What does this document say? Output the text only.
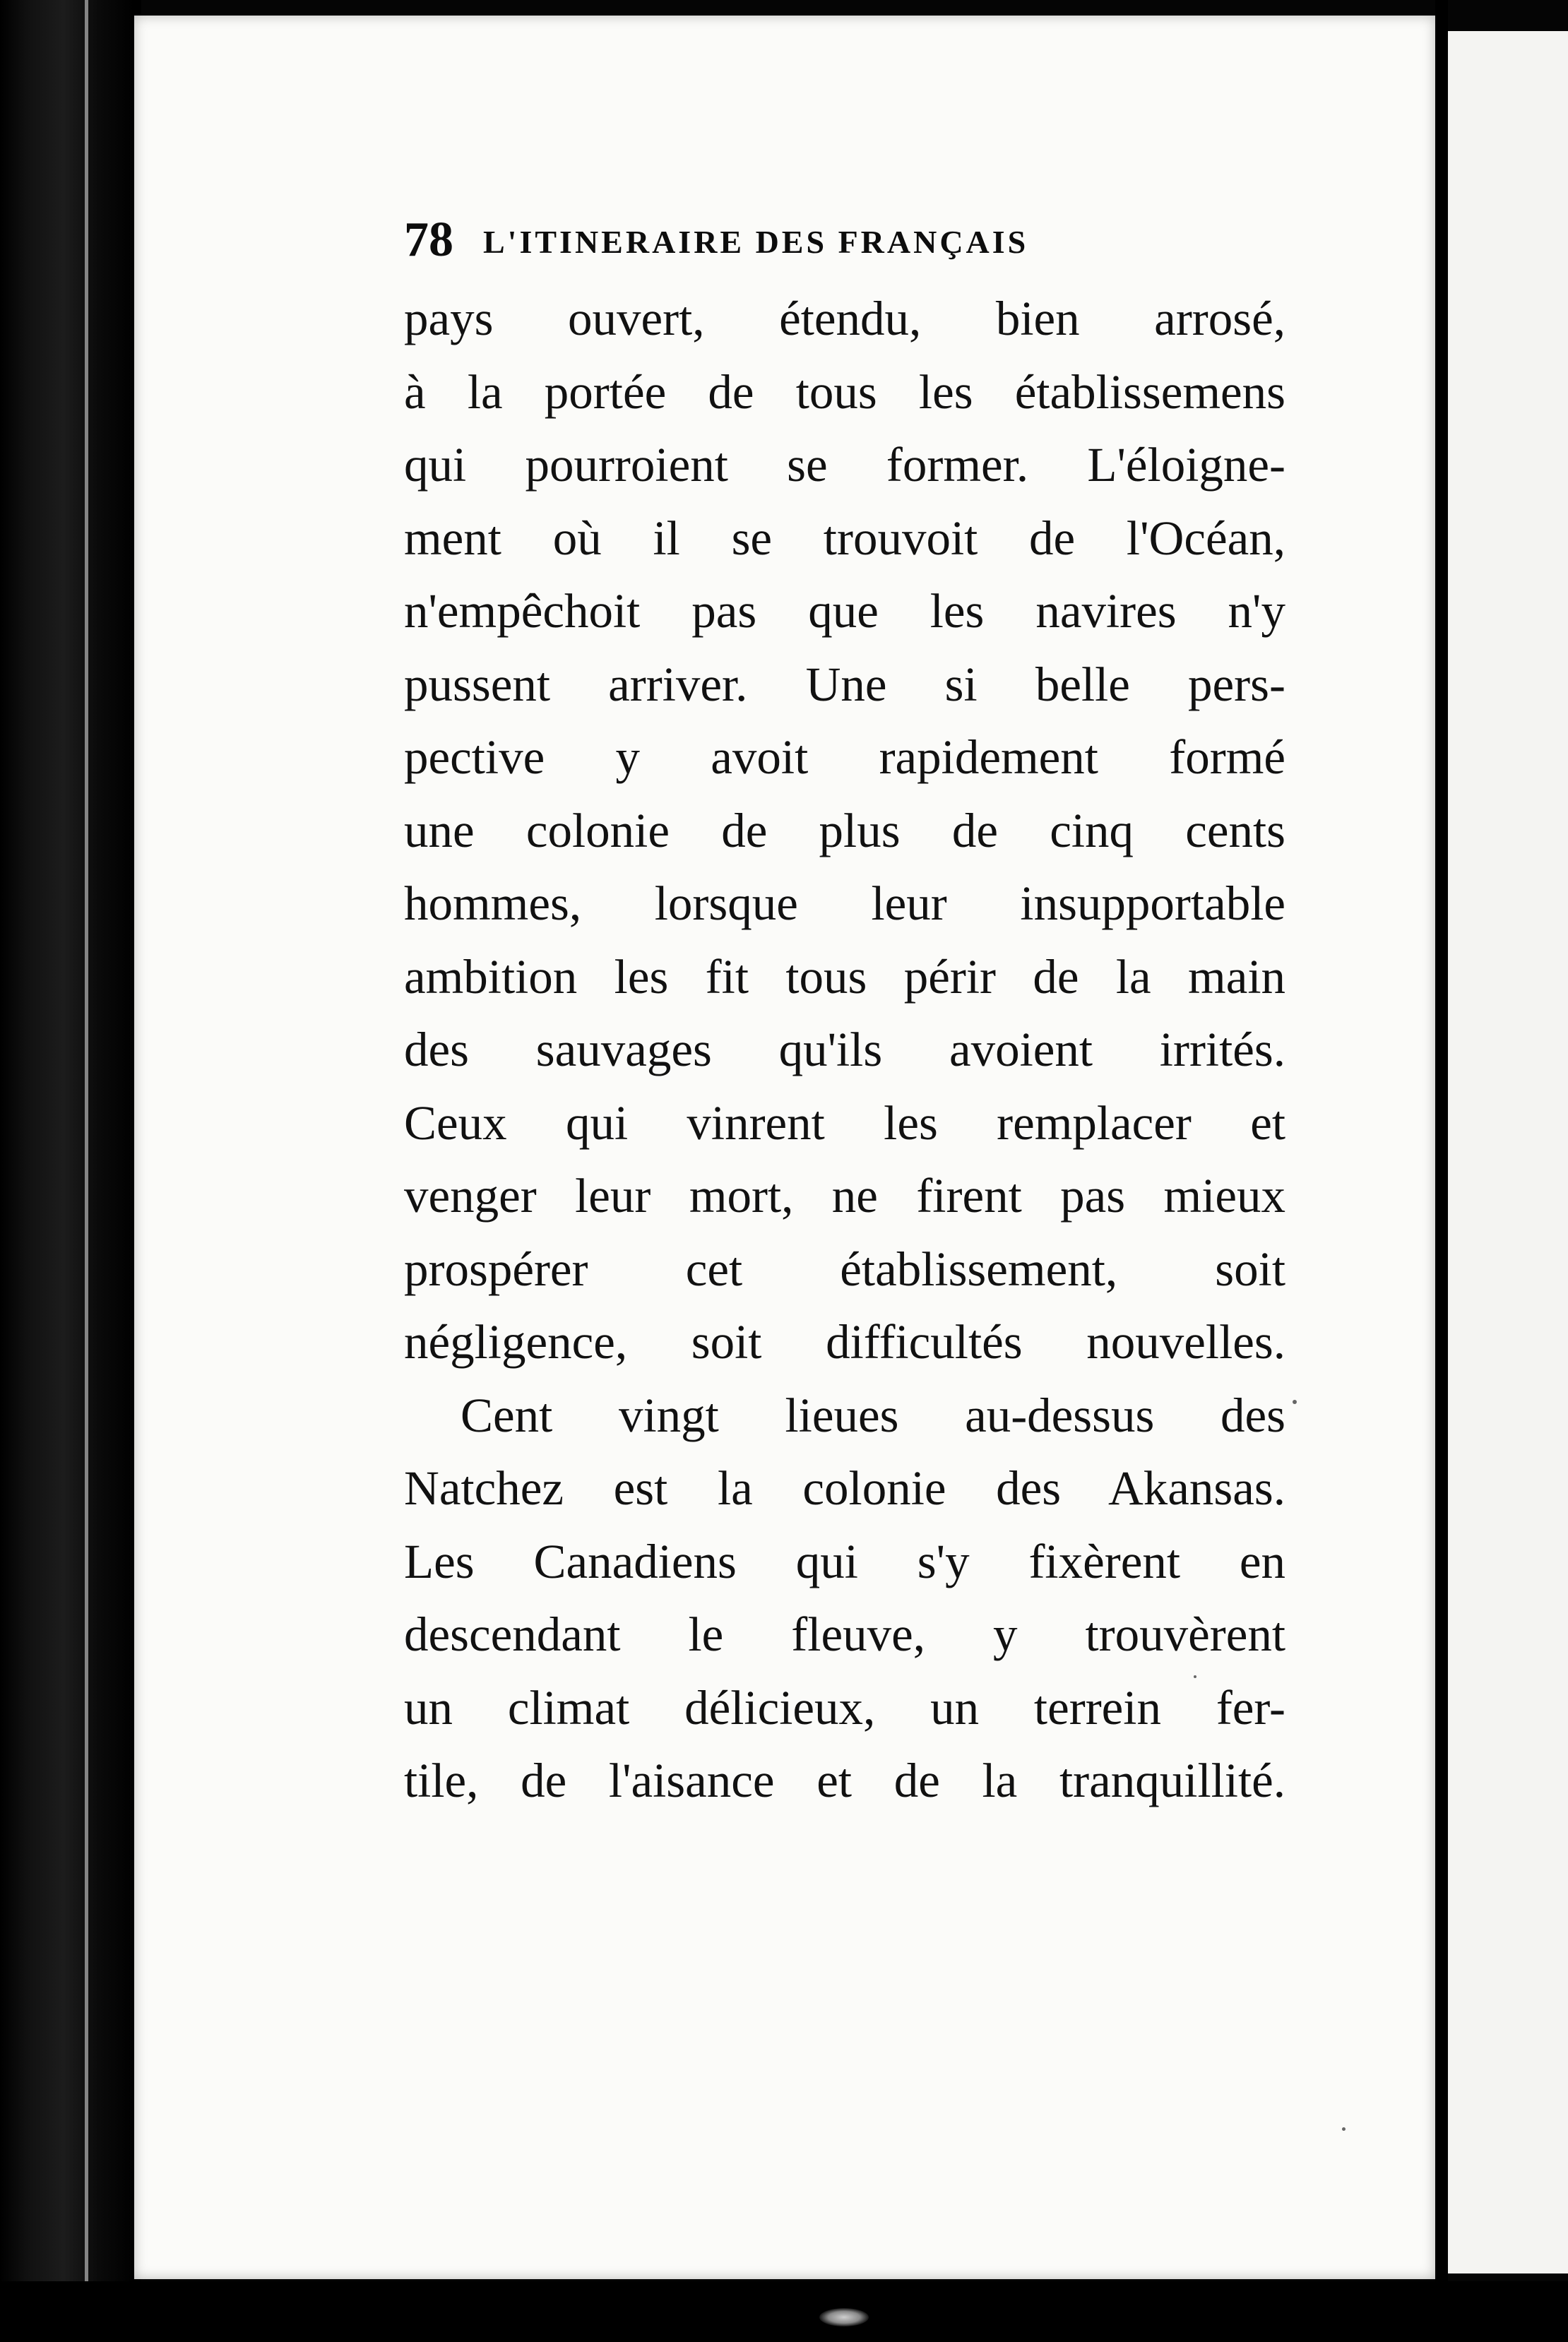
78 L'ITINERAIRE DES FRANÇAIS
pays ouvert, étendu, bien arrosé,
à la portée de tous les établissemens
qui pourroient se former. L'éloigne-
ment où il se trouvoit de l'Océan,
n'empêchoit pas que les navires n'y
pussent arriver. Une si belle pers-
pective y avoit rapidement formé
une colonie de plus de cinq cents
hommes, lorsque leur insupportable
ambition les fit tous périr de la main
des sauvages qu'ils avoient irrités.
Ceux qui vinrent les remplacer et
venger leur mort, ne firent pas mieux
prospérer cet établissement, soit
négligence, soit difficultés nouvelles.
Cent vingt lieues au-dessus des
Natchez est la colonie des Akansas.
Les Canadiens qui s'y fixèrent en
descendant le fleuve, y trouvèrent
un climat délicieux, un terrein fer-
tile, de l'aisance et de la tranquillité.
